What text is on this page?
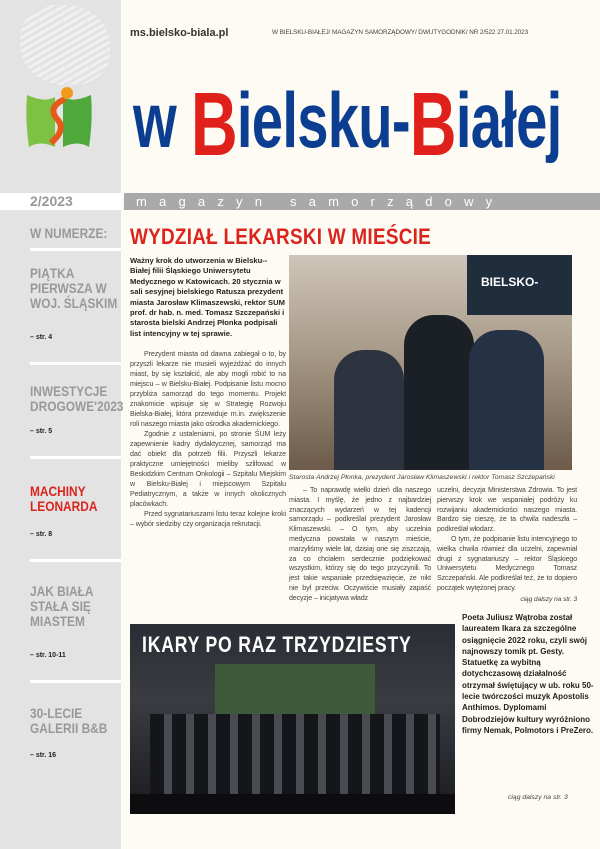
ms.bielsko-biala.pl	W BIELSKU-BIAŁEJ/ MAGAZYN SAMORZĄDOWY/ DWUTYGODNIK/ NR 2/522 27.01.2023
w Bielsku-Białej
2/2023	magazyn samorządowy
W NUMERZE:
PIĄTKA PIERWSZA W WOJ. ŚLĄSKIM
– str. 4
INWESTYCJE DROGOWE'2023
– str. 5
MACHINY LEONARDA
– str. 8
JAK BIAŁA STAŁA SIĘ MIASTEM
– str. 10-11
30-LECIE GALERII B&B
– str. 16
WYDZIAŁ LEKARSKI W MIEŚCIE
Ważny krok do utworzenia w Bielsku--Białej filii Śląskiego Uniwersytetu Medycznego w Katowicach. 20 stycznia w sali sesyjnej bielskiego Ratusza prezydent miasta Jarosław Klimaszewski, rektor SUM prof. dr hab. n. med. Tomasz Szczepański i starosta bielski Andrzej Płonka podpisali list intencyjny w tej sprawie.

Prezydent miasta od dawna zabiegał o to, by przyszli lekarze nie musieli wyjeżdżać do innych miast, by się kształcić, ale aby mogli robić to na miejscu – w Bielsku-Białej. Podpisanie listu mocno przybliża samorząd do tego momentu. Projekt znakomicie wpisuje się w Strategię Rozwoju Bielska-Białej, która przewiduje m.in. zwiększenie roli naszego miasta jako ośrodka akademickiego.

Zgodnie z ustaleniami, po stronie ŚUM leży zapewnienie kadry dydaktycznej, samorząd ma dać obiekt dla potrzeb filii. Przyszli lekarze praktyczne umiejętności mieliby szlifować w Beskidzkim Centrum Onkologii – Szpitalu Miejskim w Bielsku-Białej i miejscowym Szpitalu Pediatrycznym, a także w innych okolicznych placówkach.

Przed sygnatariuszami listu teraz kolejne kroki – wybór siedziby czy organizacja rekrutacji.

BIELSKO-
Starosta Andrzej Płonka, prezydent Jarosław Klimaszewski i rektor Tomasz Szczepański

– To naprawdę wielki dzień dla naszego miasta. I myślę, że jedno z najbardziej znaczących wydarzeń w tej kadencji samorządu – podkreślał prezydent Jarosław Klimaszewski. – O tym, aby uczelnia medyczna powstała w naszym mieście, marzyliśmy wiele lat, dzisiaj one się ziszczają, za co chciałem serdecznie podziękować wszystkim, którzy się do tego przyczynili. To jest takie wspaniałe przedsięwzięcie, że nikt nie był przeciw. Oczywiście musiały zapaść decyzje – inicjatywa władz

uczelni, decyzja Ministerstwa Zdrowia. To jest pierwszy krok we wspaniałej podróży ku rozwijaniu akademickości naszego miasta. Bardzo się cieszę, że ta chwila nadeszła – podkreślał włodarz.

O tym, że podpisanie listu intencyjnego to wielka chwila również dla uczelni, zapewniał drugi z sygnatariuszy – rektor Śląskiego Uniwersytetu Medycznego Tomasz Szczepański. Ale podkreślał też, że to dopiero początek wytężonej pracy.

ciąg dalszy na str. 3
IKARY PO RAZ TRZYDZIESTY
Poeta Juliusz Wątroba został laureatem Ikara za szczególne osiągnięcie 2022 roku, czyli swój najnowszy tomik pt. Gesty. Statuetkę za wybitną dotychczasową działalność otrzymał świętujący w ub. roku 50-lecie twórczości muzyk Apostolis Anthimos. Dyplomami Dobrodziejów kultury wyróżniono firmy Nemak, Polmotors i PreZero.
ciąg dalszy na str. 3
